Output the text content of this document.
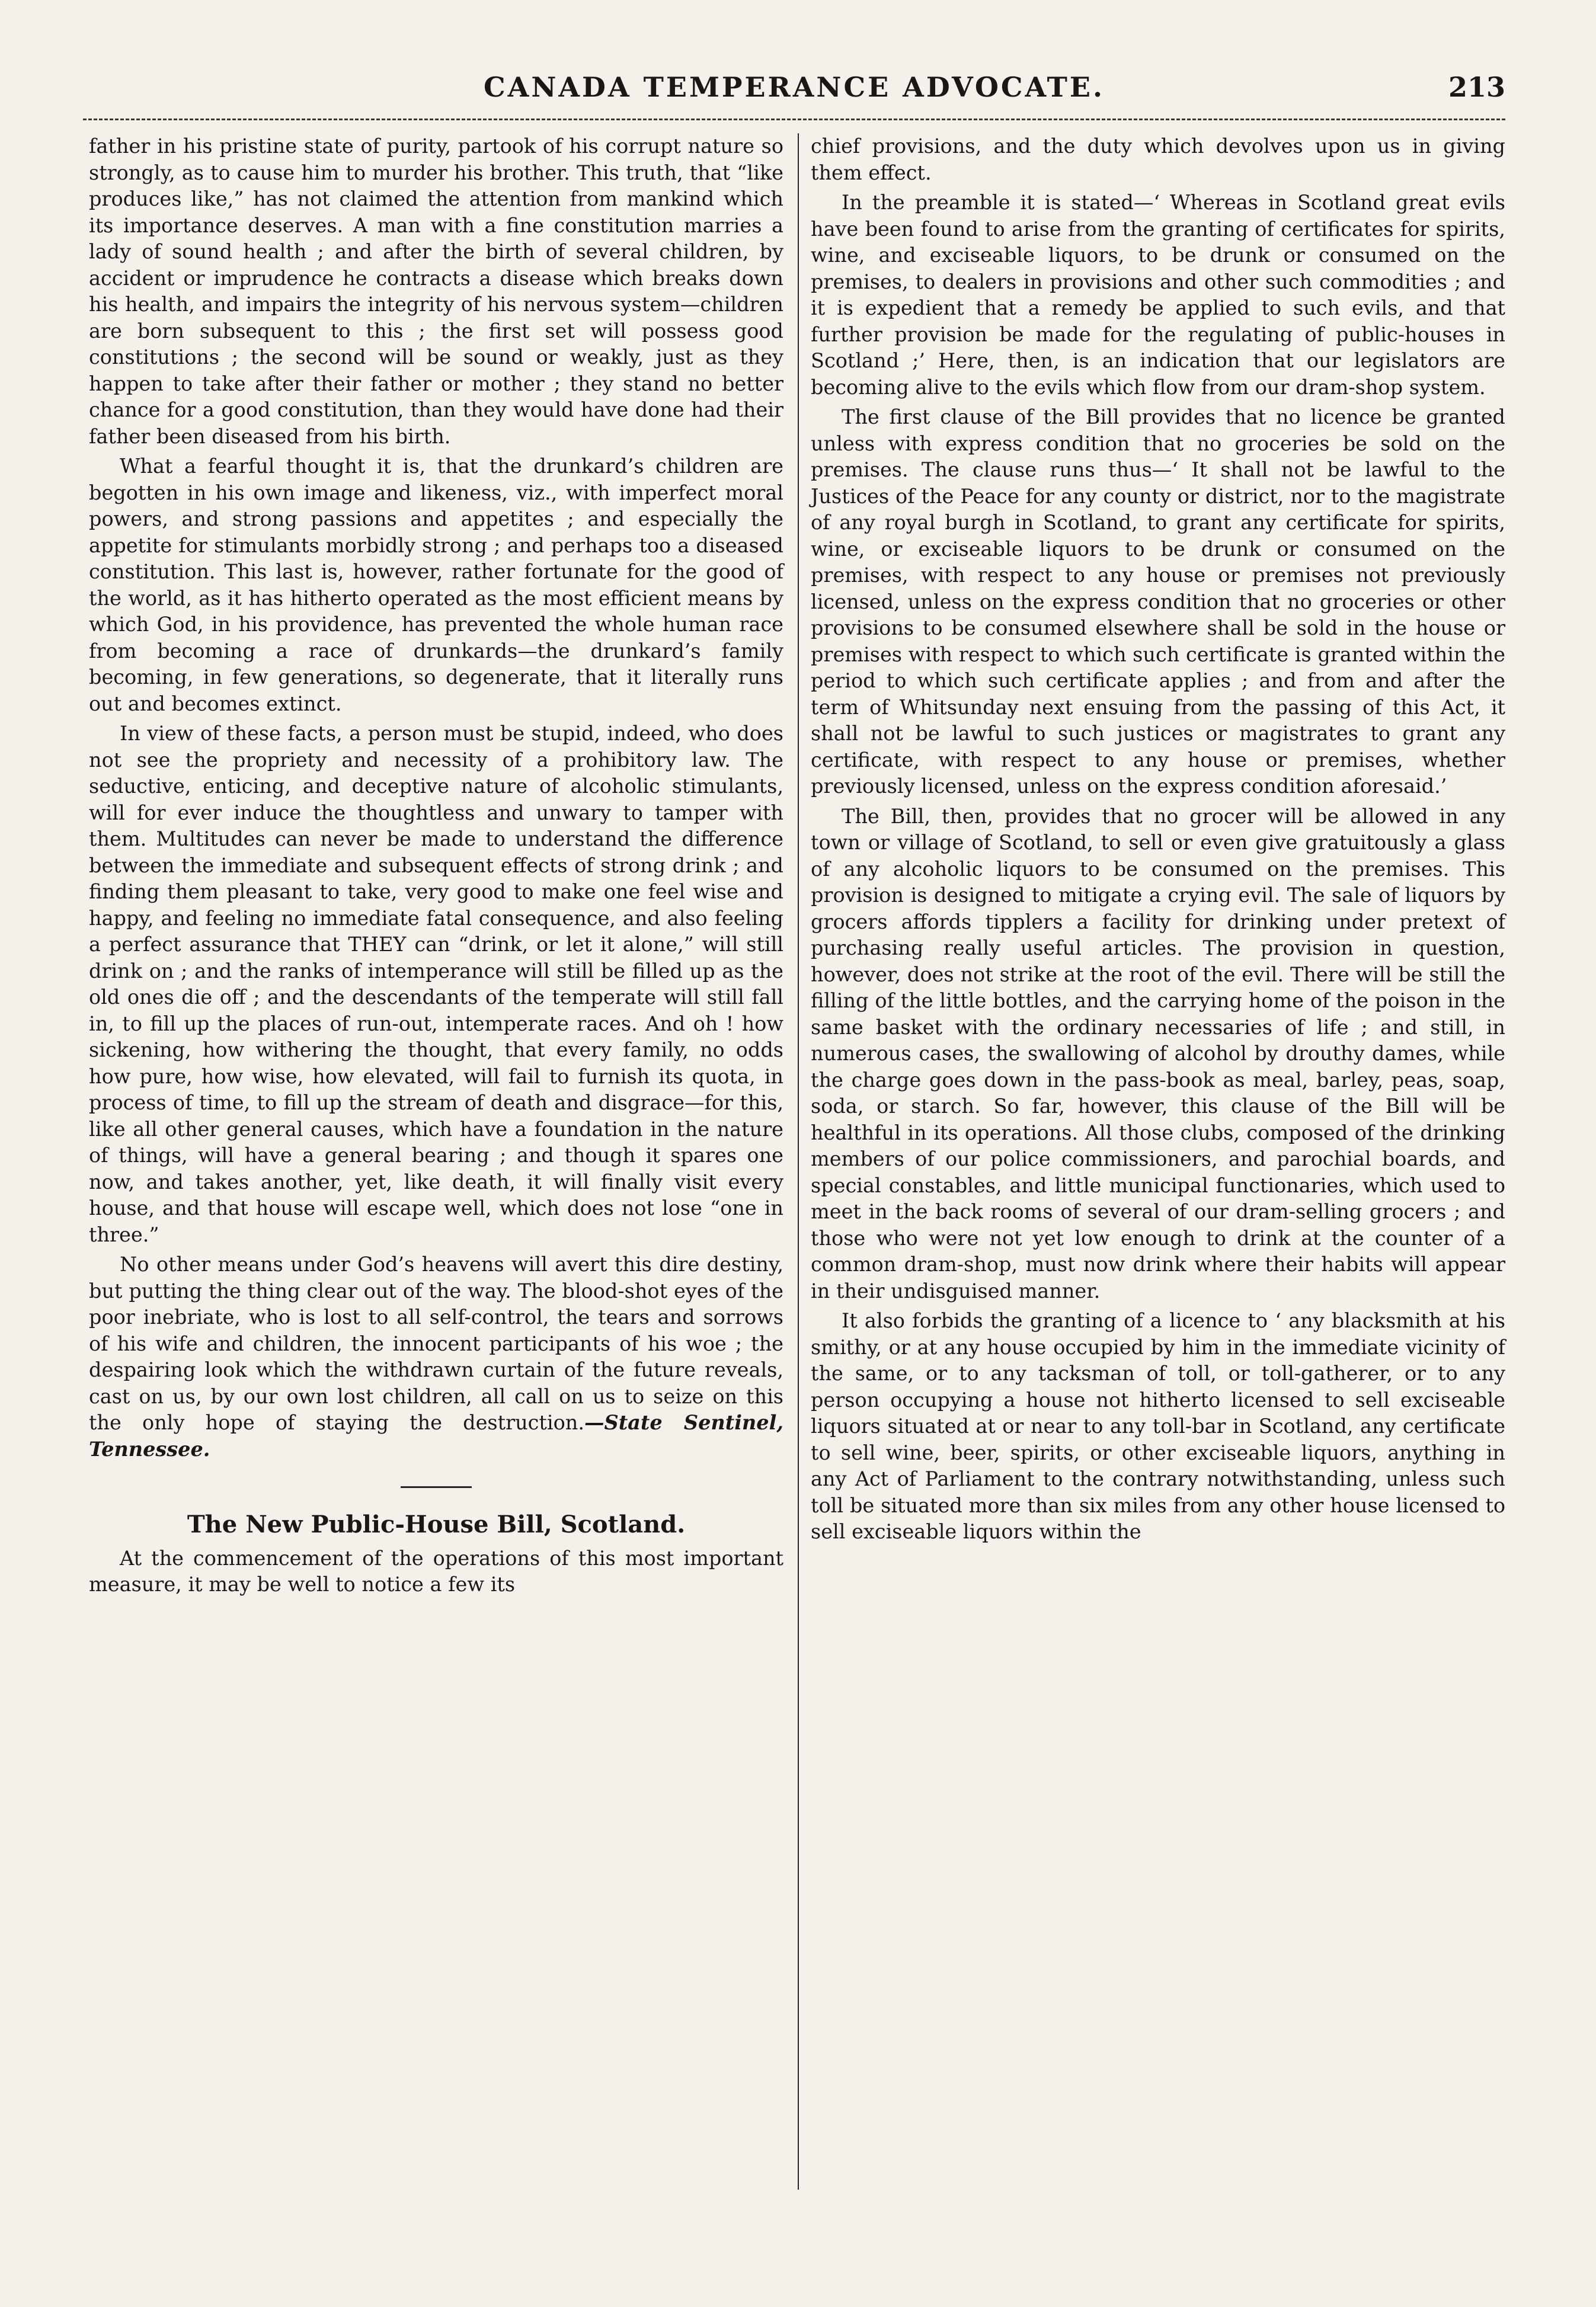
CANADA TEMPERANCE ADVOCATE.	213

father in his pristine state of purity, partook of his corrupt nature so strongly, as to cause him to murder his brother. This truth, that “like produces like,” has not claimed the attention from mankind which its importance deserves. A man with a fine constitution marries a lady of sound health ; and after the birth of several children, by accident or imprudence he contracts a disease which breaks down his health, and impairs the integrity of his nervous system—children are born subsequent to this ; the first set will possess good constitutions ; the second will be sound or weakly, just as they happen to take after their father or mother ; they stand no better chance for a good constitution, than they would have done had their father been diseased from his birth.

What a fearful thought it is, that the drunkard’s children are begotten in his own image and likeness, viz., with imperfect moral powers, and strong passions and appetites ; and especially the appetite for stimulants morbidly strong ; and perhaps too a diseased constitution. This last is, however, rather fortunate for the good of the world, as it has hitherto operated as the most efficient means by which God, in his providence, has prevented the whole human race from becoming a race of drunkards—the drunkard’s family becoming, in few generations, so degenerate, that it literally runs out and becomes extinct.

In view of these facts, a person must be stupid, indeed, who does not see the propriety and necessity of a prohibitory law. The seductive, enticing, and deceptive nature of alcoholic stimulants, will for ever induce the thoughtless and unwary to tamper with them. Multitudes can never be made to understand the difference between the immediate and subsequent effects of strong drink ; and finding them pleasant to take, very good to make one feel wise and happy, and feeling no immediate fatal consequence, and also feeling a perfect assurance that THEY can “drink, or let it alone,” will still drink on ; and the ranks of intemperance will still be filled up as the old ones die off ; and the descendants of the temperate will still fall in, to fill up the places of run-out, intemperate races. And oh ! how sickening, how withering the thought, that every family, no odds how pure, how wise, how elevated, will fail to furnish its quota, in process of time, to fill up the stream of death and disgrace—for this, like all other general causes, which have a foundation in the nature of things, will have a general bearing ; and though it spares one now, and takes another, yet, like death, it will finally visit every house, and that house will escape well, which does not lose “one in three.”

No other means under God’s heavens will avert this dire destiny, but putting the thing clear out of the way. The blood-shot eyes of the poor inebriate, who is lost to all self-control, the tears and sorrows of his wife and children, the innocent participants of his woe ; the despairing look which the withdrawn curtain of the future reveals, cast on us, by our own lost children, all call on us to seize on this the only hope of staying the destruction.—State Sentinel, Tennessee.

The New Public-House Bill, Scotland.

At the commencement of the operations of this most important measure, it may be well to notice a few its

chief provisions, and the duty which devolves upon us in giving them effect.

In the preamble it is stated—‘ Whereas in Scotland great evils have been found to arise from the granting of certificates for spirits, wine, and exciseable liquors, to be drunk or consumed on the premises, to dealers in provisions and other such commodities ; and it is expedient that a remedy be applied to such evils, and that further provision be made for the regulating of public-houses in Scotland ;’ Here, then, is an indication that our legislators are becoming alive to the evils which flow from our dram-shop system.

The first clause of the Bill provides that no licence be granted unless with express condition that no groceries be sold on the premises. The clause runs thus—‘ It shall not be lawful to the Justices of the Peace for any county or district, nor to the magistrate of any royal burgh in Scotland, to grant any certificate for spirits, wine, or exciseable liquors to be drunk or consumed on the premises, with respect to any house or premises not previously licensed, unless on the express condition that no groceries or other provisions to be consumed elsewhere shall be sold in the house or premises with respect to which such certificate is granted within the period to which such certificate applies ; and from and after the term of Whitsunday next ensuing from the passing of this Act, it shall not be lawful to such justices or magistrates to grant any certificate, with respect to any house or premises, whether previously licensed, unless on the express condition aforesaid.’

The Bill, then, provides that no grocer will be allowed in any town or village of Scotland, to sell or even give gratuitously a glass of any alcoholic liquors to be consumed on the premises. This provision is designed to mitigate a crying evil. The sale of liquors by grocers affords tipplers a facility for drinking under pretext of purchasing really useful articles. The provision in question, however, does not strike at the root of the evil. There will be still the filling of the little bottles, and the carrying home of the poison in the same basket with the ordinary necessaries of life ; and still, in numerous cases, the swallowing of alcohol by drouthy dames, while the charge goes down in the pass-book as meal, barley, peas, soap, soda, or starch. So far, however, this clause of the Bill will be healthful in its operations. All those clubs, composed of the drinking members of our police commissioners, and parochial boards, and special constables, and little municipal functionaries, which used to meet in the back rooms of several of our dram-selling grocers ; and those who were not yet low enough to drink at the counter of a common dram-shop, must now drink where their habits will appear in their undisguised manner.

It also forbids the granting of a licence to ‘ any blacksmith at his smithy, or at any house occupied by him in the immediate vicinity of the same, or to any tacksman of toll, or toll-gatherer, or to any person occupying a house not hitherto licensed to sell exciseable liquors situated at or near to any toll-bar in Scotland, any certificate to sell wine, beer, spirits, or other exciseable liquors, anything in any Act of Parliament to the contrary notwithstanding, unless such toll be situated more than six miles from any other house licensed to sell exciseable liquors within the
